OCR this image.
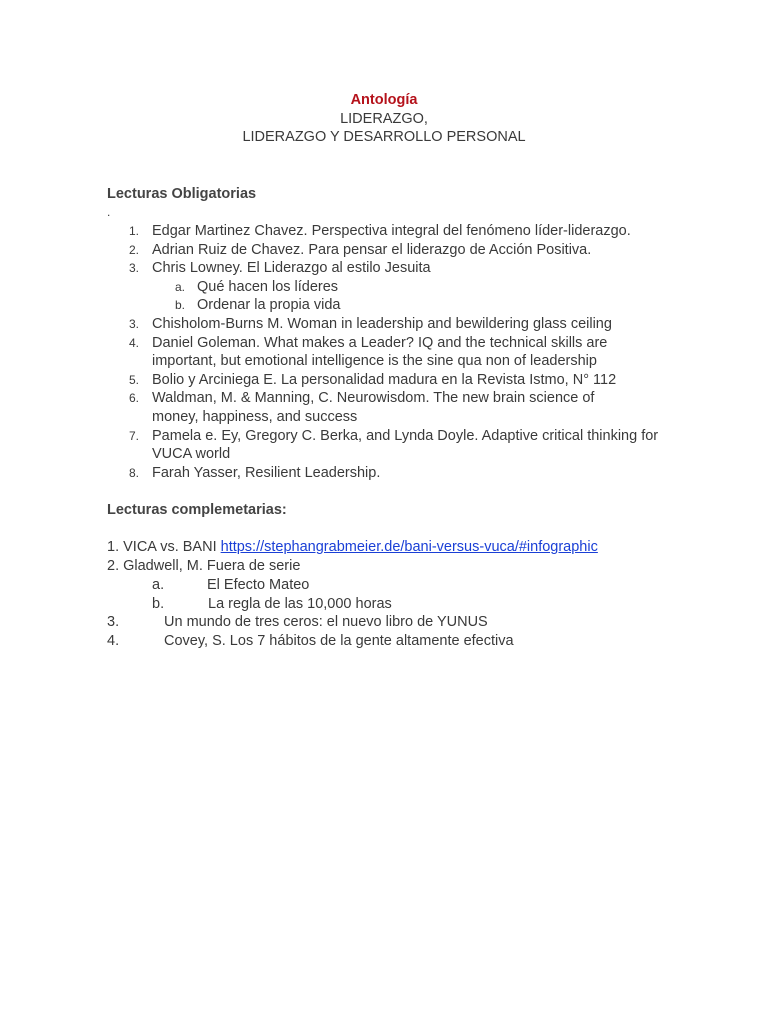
Antología
LIDERAZGO,
LIDERAZGO Y DESARROLLO PERSONAL
Lecturas Obligatorias
.
1. Edgar Martinez Chavez. Perspectiva integral del fenómeno líder-liderazgo.
2. Adrian Ruiz de Chavez. Para pensar el liderazgo de Acción Positiva.
3. Chris Lowney. El Liderazgo al estilo Jesuita
a. Qué hacen los líderes
b. Ordenar la propia vida
3. Chisholom-Burns M. Woman in leadership and bewildering glass ceiling
4. Daniel Goleman. What makes a Leader? IQ and the technical skills are important, but emotional intelligence is the sine qua non of leadership
5. Bolio y Arciniega E. La personalidad madura en la Revista Istmo, N° 112
6. Waldman, M. & Manning, C. Neurowisdom. The new brain science of money, happiness, and success
7. Pamela e. Ey, Gregory C. Berka, and Lynda Doyle. Adaptive critical thinking for VUCA world
8. Farah Yasser, Resilient Leadership.
Lecturas complemetarias:
1. VICA vs. BANI https://stephangrabmeier.de/bani-versus-vuca/#infographic
2. Gladwell, M. Fuera de serie
a.	El Efecto Mateo
b.	La regla de las 10,000 horas
3.	Un mundo de tres ceros: el nuevo libro de YUNUS
4.	Covey, S. Los 7 hábitos de la gente altamente efectiva
